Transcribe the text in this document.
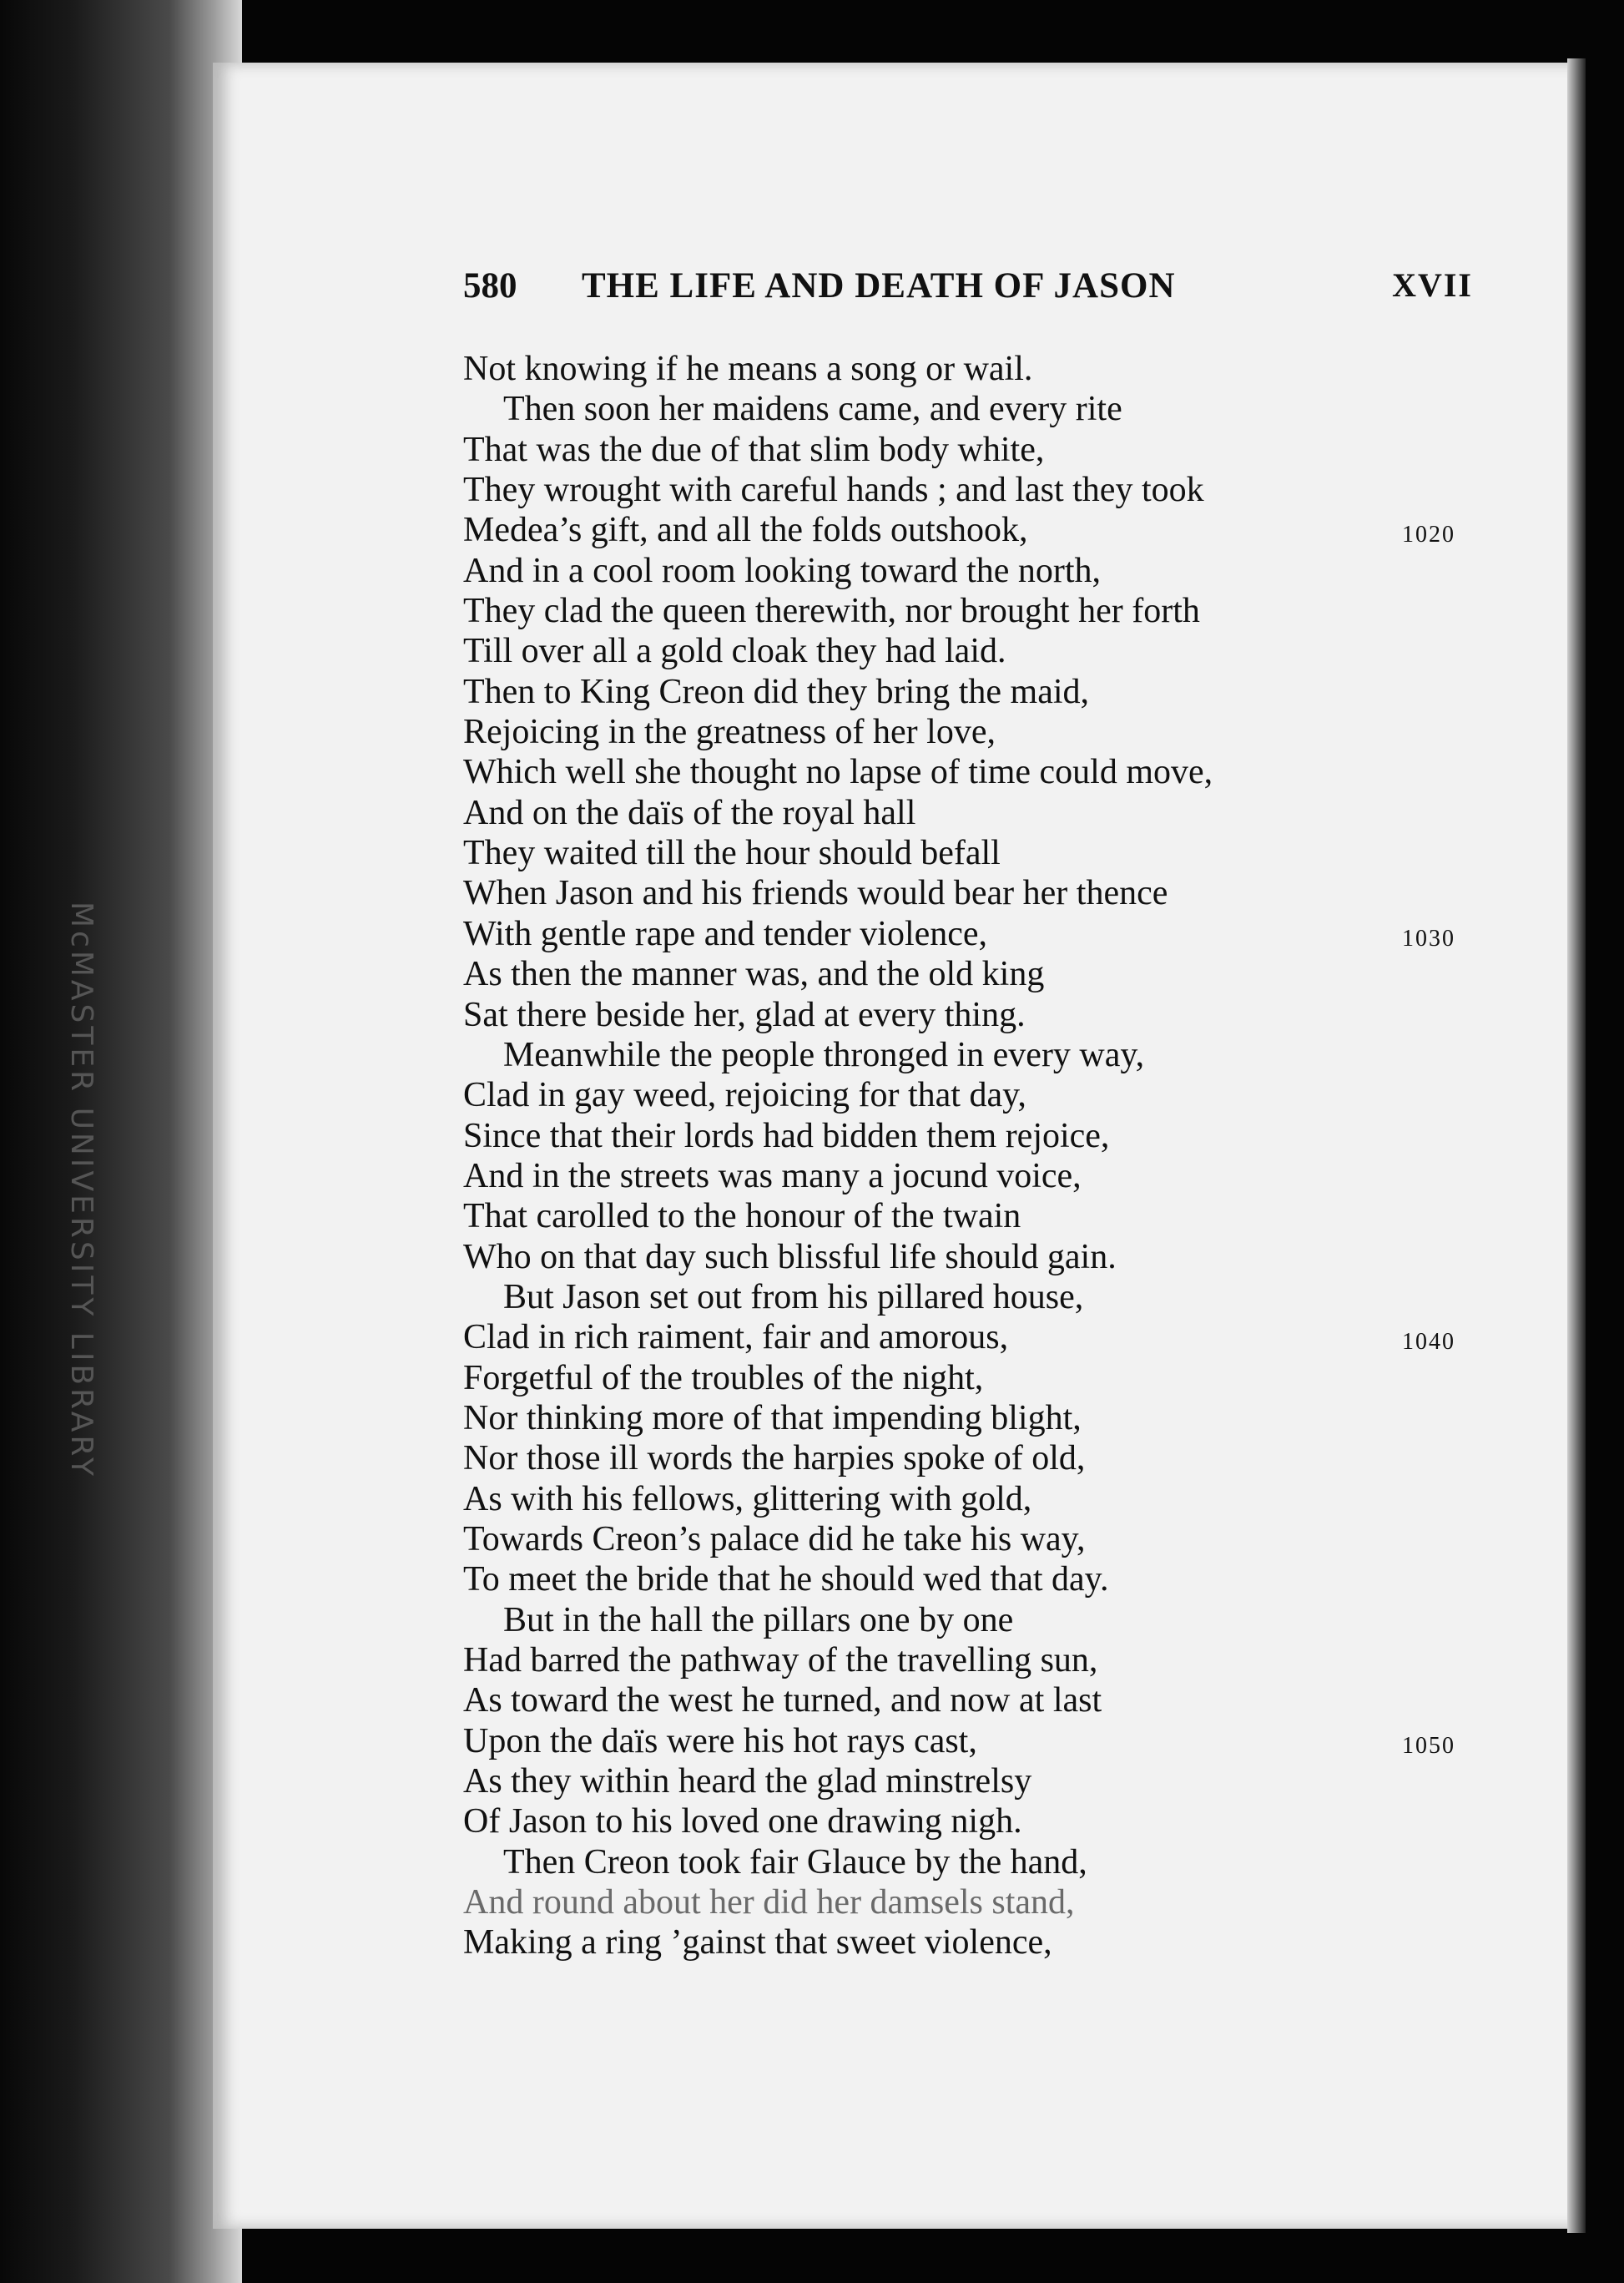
McMASTER UNIVERSITY LIBRARY
580 THE LIFE AND DEATH OF JASON	XVII
Not knowing if he means a song or wail.
Then soon her maidens came, and every rite
That was the due of that slim body white,
They wrought with careful hands ; and last they took
Medea’s gift, and all the folds outshook,	1020
And in a cool room looking toward the north,
They clad the queen therewith, nor brought her forth
Till over all a gold cloak they had laid.
Then to King Creon did they bring the maid,
Rejoicing in the greatness of her love,
Which well she thought no lapse of time could move,
And on the daïs of the royal hall
They waited till the hour should befall
When Jason and his friends would bear her thence
With gentle rape and tender violence,	1030
As then the manner was, and the old king
Sat there beside her, glad at every thing.
Meanwhile the people thronged in every way,
Clad in gay weed, rejoicing for that day,
Since that their lords had bidden them rejoice,
And in the streets was many a jocund voice,
That carolled to the honour of the twain
Who on that day such blissful life should gain.
But Jason set out from his pillared house,
Clad in rich raiment, fair and amorous,	1040
Forgetful of the troubles of the night,
Nor thinking more of that impending blight,
Nor those ill words the harpies spoke of old,
As with his fellows, glittering with gold,
Towards Creon’s palace did he take his way,
To meet the bride that he should wed that day.
But in the hall the pillars one by one
Had barred the pathway of the travelling sun,
As toward the west he turned, and now at last
Upon the daïs were his hot rays cast,	1050
As they within heard the glad minstrelsy
Of Jason to his loved one drawing nigh.
Then Creon took fair Glauce by the hand,
And round about her did her damsels stand,
Making a ring ’gainst that sweet violence,
